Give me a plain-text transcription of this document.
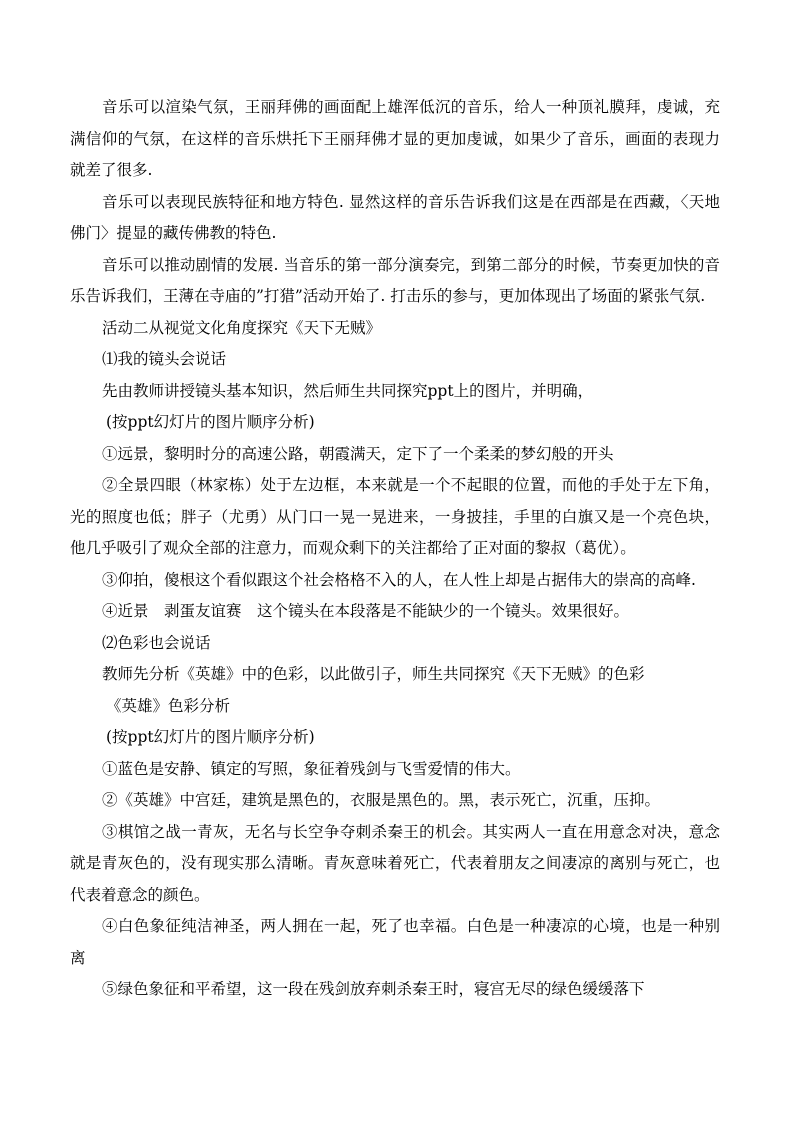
音乐可以渲染气氛，王丽拜佛的画面配上雄浑低沉的音乐，给人一种顶礼膜拜，虔诚，充满信仰的气氛，在这样的音乐烘托下王丽拜佛才显的更加虔诚，如果少了音乐，画面的表现力就差了很多.

音乐可以表现民族特征和地方特色. 显然这样的音乐告诉我们这是在西部是在西藏，〈天地佛门〉提显的藏传佛教的特色.

音乐可以推动剧情的发展. 当音乐的第一部分演奏完，到第二部分的时候，节奏更加快的音乐告诉我们，王薄在寺庙的”打猎”活动开始了. 打击乐的参与，更加体现出了场面的紧张气氛.

活动二从视觉文化角度探究《天下无贼》

⑴我的镜头会说话

先由教师讲授镜头基本知识，然后师生共同探究ppt上的图片，并明确，

(按ppt幻灯片的图片顺序分析)

①远景，黎明时分的高速公路，朝霞满天，定下了一个柔柔的梦幻般的开头

②全景四眼（林家栋）处于左边框，本来就是一个不起眼的位置，而他的手处于左下角，光的照度也低；胖子（尤勇）从门口一晃一晃进来，一身披挂，手里的白旗又是一个亮色块，他几乎吸引了观众全部的注意力，而观众剩下的关注都给了正对面的黎叔（葛优）。

③仰拍，傻根这个看似跟这个社会格格不入的人，在人性上却是占据伟大的崇高的高峰.

④近景　剥蛋友谊赛　这个镜头在本段落是不能缺少的一个镜头。效果很好。

⑵色彩也会说话

教师先分析《英雄》中的色彩，以此做引子，师生共同探究《天下无贼》的色彩

《英雄》色彩分析

(按ppt幻灯片的图片顺序分析)

①蓝色是安静、镇定的写照，象征着残剑与飞雪爱情的伟大。

②《英雄》中宫廷，建筑是黑色的，衣服是黑色的。黑，表示死亡，沉重，压抑。

③棋馆之战一青灰，无名与长空争夺刺杀秦王的机会。其实两人一直在用意念对决，意念就是青灰色的，没有现实那么清晰。青灰意味着死亡，代表着朋友之间凄凉的离别与死亡，也代表着意念的颜色。

④白色象征纯洁神圣，两人拥在一起，死了也幸福。白色是一种凄凉的心境，也是一种别离

⑤绿色象征和平希望，这一段在残剑放弃刺杀秦王时，寝宫无尽的绿色缓缓落下
